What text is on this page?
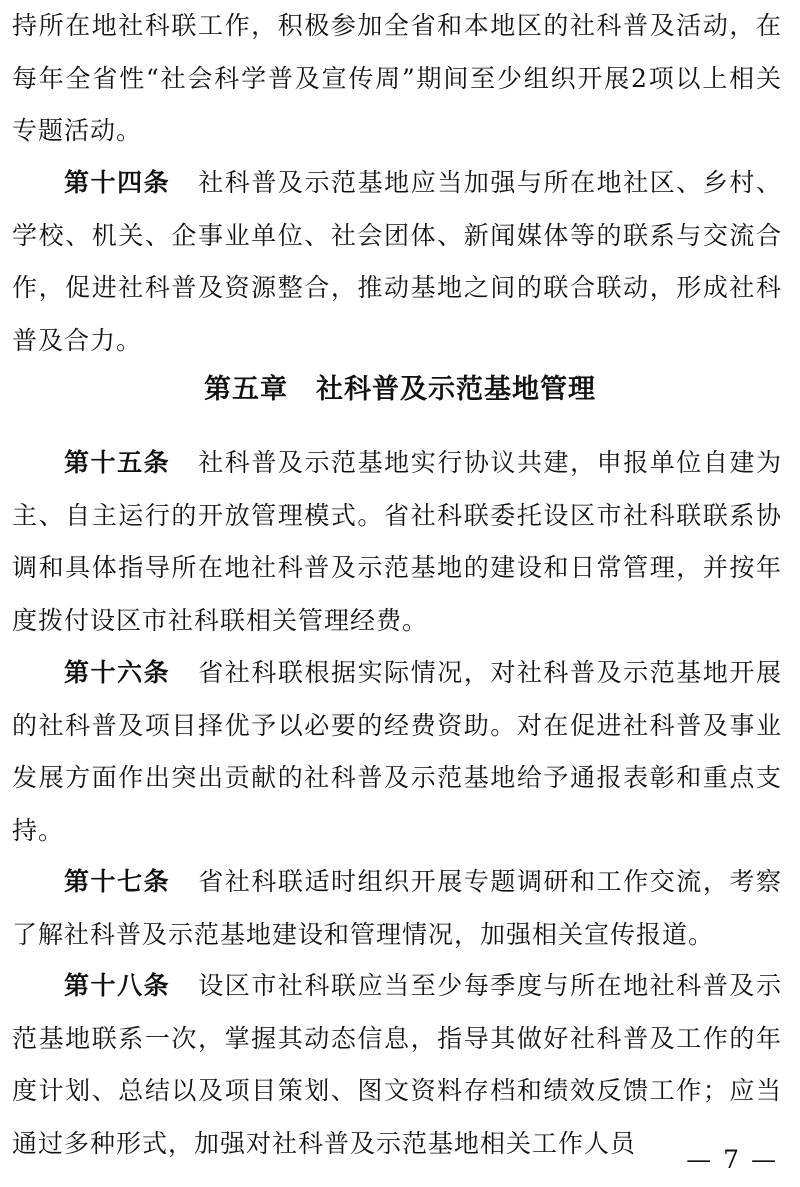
持所在地社科联工作，积极参加全省和本地区的社科普及活动，在每年全省性“社会科学普及宣传周”期间至少组织开展2项以上相关专题活动。

第十四条 社科普及示范基地应当加强与所在地社区、乡村、学校、机关、企事业单位、社会团体、新闻媒体等的联系与交流合作，促进社科普及资源整合，推动基地之间的联合联动，形成社科普及合力。

第五章　社科普及示范基地管理

第十五条 社科普及示范基地实行协议共建，申报单位自建为主、自主运行的开放管理模式。省社科联委托设区市社科联联系协调和具体指导所在地社科普及示范基地的建设和日常管理，并按年度拨付设区市社科联相关管理经费。

第十六条 省社科联根据实际情况，对社科普及示范基地开展的社科普及项目择优予以必要的经费资助。对在促进社科普及事业发展方面作出突出贡献的社科普及示范基地给予通报表彰和重点支持。

第十七条 省社科联适时组织开展专题调研和工作交流，考察了解社科普及示范基地建设和管理情况，加强相关宣传报道。

第十八条 设区市社科联应当至少每季度与所在地社科普及示范基地联系一次，掌握其动态信息，指导其做好社科普及工作的年度计划、总结以及项目策划、图文资料存档和绩效反馈工作；应当通过多种形式，加强对社科普及示范基地相关工作人员

— 7 —
